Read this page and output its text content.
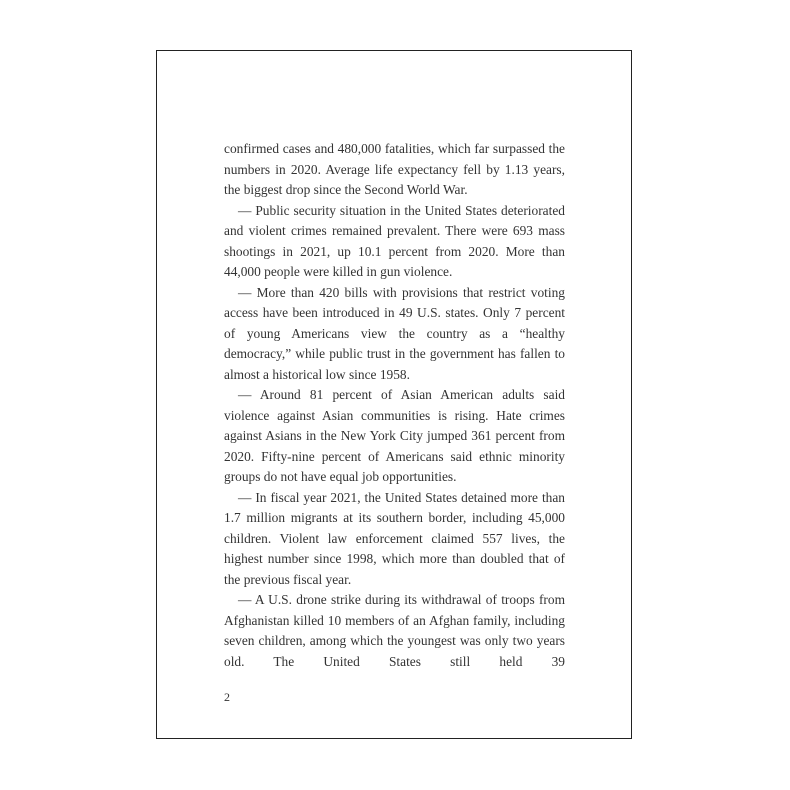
confirmed cases and 480,000 fatalities, which far surpassed the numbers in 2020. Average life expectancy fell by 1.13 years, the biggest drop since the Second World War.

— Public security situation in the United States deteriorated and violent crimes remained prevalent. There were 693 mass shootings in 2021, up 10.1 percent from 2020. More than 44,000 people were killed in gun violence.

— More than 420 bills with provisions that restrict voting access have been introduced in 49 U.S. states. Only 7 percent of young Americans view the country as a “healthy democracy,” while public trust in the government has fallen to almost a historical low since 1958.

— Around 81 percent of Asian American adults said violence against Asian communities is rising. Hate crimes against Asians in the New York City jumped 361 percent from 2020. Fifty-nine percent of Americans said ethnic minority groups do not have equal job opportunities.

— In fiscal year 2021, the United States detained more than 1.7 million migrants at its southern border, including 45,000 children. Violent law enforcement claimed 557 lives, the highest number since 1998, which more than doubled that of the previous fiscal year.

— A U.S. drone strike during its withdrawal of troops from Afghanistan killed 10 members of an Afghan family, including seven children, among which the youngest was only two years old. The United States still held 39

2
